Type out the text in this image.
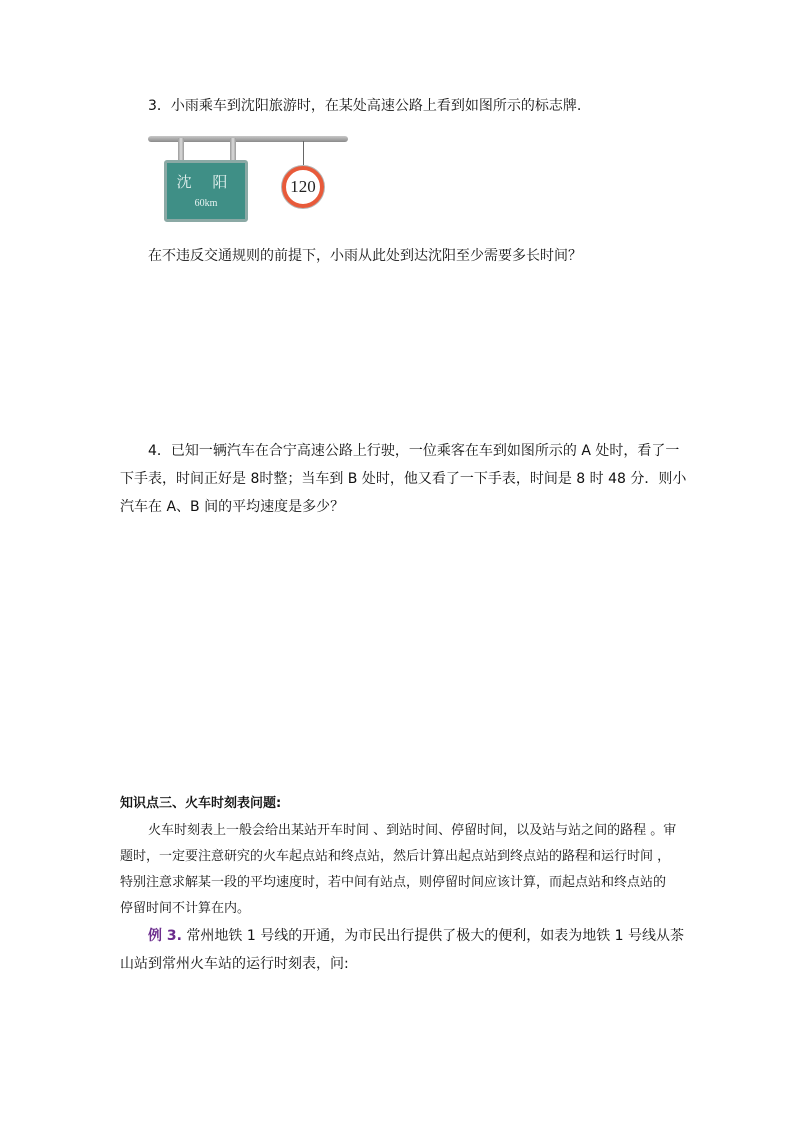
3．小雨乘车到沈阳旅游时，在某处高速公路上看到如图所示的标志牌.
沈 阳
60km
120
在不违反交通规则的前提下，小雨从此处到达沈阳至少需要多长时间？
4．已知一辆汽车在合宁高速公路上行驶，一位乘客在车到如图所示的 A 处时，看了一
下手表，时间正好是 8时整；当车到 B 处时，他又看了一下手表，时间是 8 时 48 分．则小
汽车在 A、B 间的平均速度是多少？
知识点三、火车时刻表问题:
火车时刻表上一般会给出某站开车时间 、到站时间、停留时间，以及站与站之间的路程 。审
题时，一定要注意研究的火车起点站和终点站，然后计算出起点站到终点站的路程和运行时间 ，
特别注意求解某一段的平均速度时，若中间有站点，则停留时间应该计算，而起点站和终点站的
停留时间不计算在内。
例 3. 常州地铁 1 号线的开通，为市民出行提供了极大的便利，如表为地铁 1 号线从茶
山站到常州火车站的运行时刻表，问:
